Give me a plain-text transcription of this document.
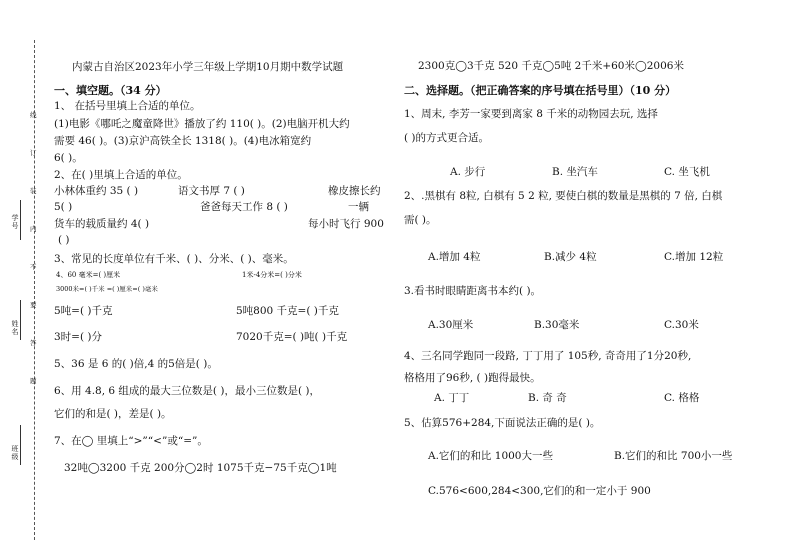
学号
姓名
班级
线
订
装
内
不
要
答
题
内蒙古自治区2023年小学三年级上学期10月期中数学试题
一、填空题。（34 分）
1、 在括号里填上合适的单位。
(1)电影《哪吒之魔童降世》播放了约 110( )。(2)电脑开机大约
需要 46( )。(3)京沪高铁全长 1318( )。(4)电冰箱宽约
6( )。
2、在( )里填上合适的单位。
小林体重约 35 ( )	语文书厚 7 ( )	橡皮擦长约
5( )	爸爸每天工作 8 ( )	一辆
货车的载质量约 4( )	每小时飞行 900
( )
3、常见的长度单位有千米、( )、分米、( )、毫米。
4、60 毫米=( )厘米	1米-4分米=( )分米
3000米=( )千米 =( )厘米=( )毫米
5吨=( )千克	5吨800 千克=( )千克
3时=( )分	7020千克=( )吨( )千克
5、36 是 6 的( )倍,4 的5倍是( )。
6、用 4.8, 6 组成的最大三位数是( )，最小三位数是( )，
它们的和是( )，差是( )。
7、在◯ 里填上“>”“<”或“=”。
32吨◯3200 千克 200分◯2时 1075千克−75千克◯1吨
2300克◯3千克 520 千克◯5吨 2千米+60米◯2006米
二、选择题。（把正确答案的序号填在括号里）（10 分）
1、周末, 李芳一家要到离家 8 千米的动物园去玩, 选择
( )的方式更合适。
A. 步行	B. 坐汽车	C. 坐飞机
2、.黑棋有 8粒, 白棋有 5 2 粒, 要使白棋的数量是黑棋的 7 倍, 白棋
需( )。
A.增加 4粒	B.减少 4粒	C.增加 12粒
3.看书时眼睛距离书本约( )。
A.30厘米	B.30毫米	C.30米
4、三名同学跑同一段路, 丁丁用了 105秒, 奇奇用了1分20秒,
格格用了96秒, ( )跑得最快。
A. 丁丁	B. 奇 奇	C. 格格
5、估算576+284,下面说法正确的是( )。
A.它们的和比 1000大一些	B.它们的和比 700小一些
C.576<600,284<300,它们的和一定小于 900
